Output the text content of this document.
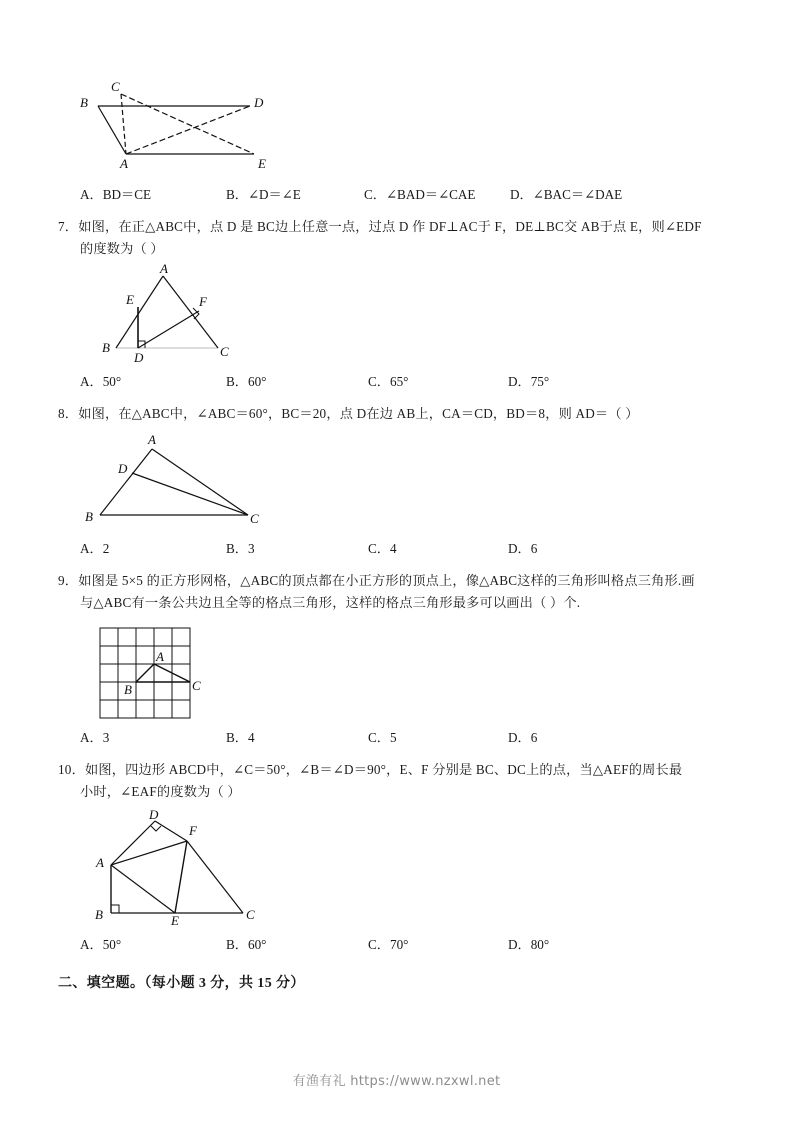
C
B	D
A	E
A．BD＝CE	B．∠D＝∠E	C．∠BAD＝∠CAE	D．∠BAC＝∠DAE
7．如图，在正△ABC中，点 D 是 BC边上任意一点，过点 D 作 DF⊥AC于 F，DE⊥BC交 AB于点 E，则∠EDF
的度数为（ ）
A
E	F
B
D	C
A．50°	B．60°	C．65°	D．75°
8．如图，在△ABC中，∠ABC＝60°，BC＝20，点 D在边 AB上，CA＝CD，BD＝8，则 AD＝（ ）
A
D
B	C
A．2	B．3	C．4	D．6
9．如图是 5×5 的正方形网格，△ABC的顶点都在小正方形的顶点上，像△ABC这样的三角形叫格点三角形.画
与△ABC有一条公共边且全等的格点三角形，这样的格点三角形最多可以画出（ ）个.
A
B	C
A．3	B．4	C．5	D．6
10．如图，四边形 ABCD中，∠C＝50°，∠B＝∠D＝90°，E、F 分别是 BC、DC上的点，当△AEF的周长最
小时，∠EAF的度数为（ ）
D
F
A
B	E	C
A．50°	B．60°	C．70°	D．80°
二、填空题。（每小题 3 分，共 15 分）
有渔有礼 https://www.nzxwl.net
